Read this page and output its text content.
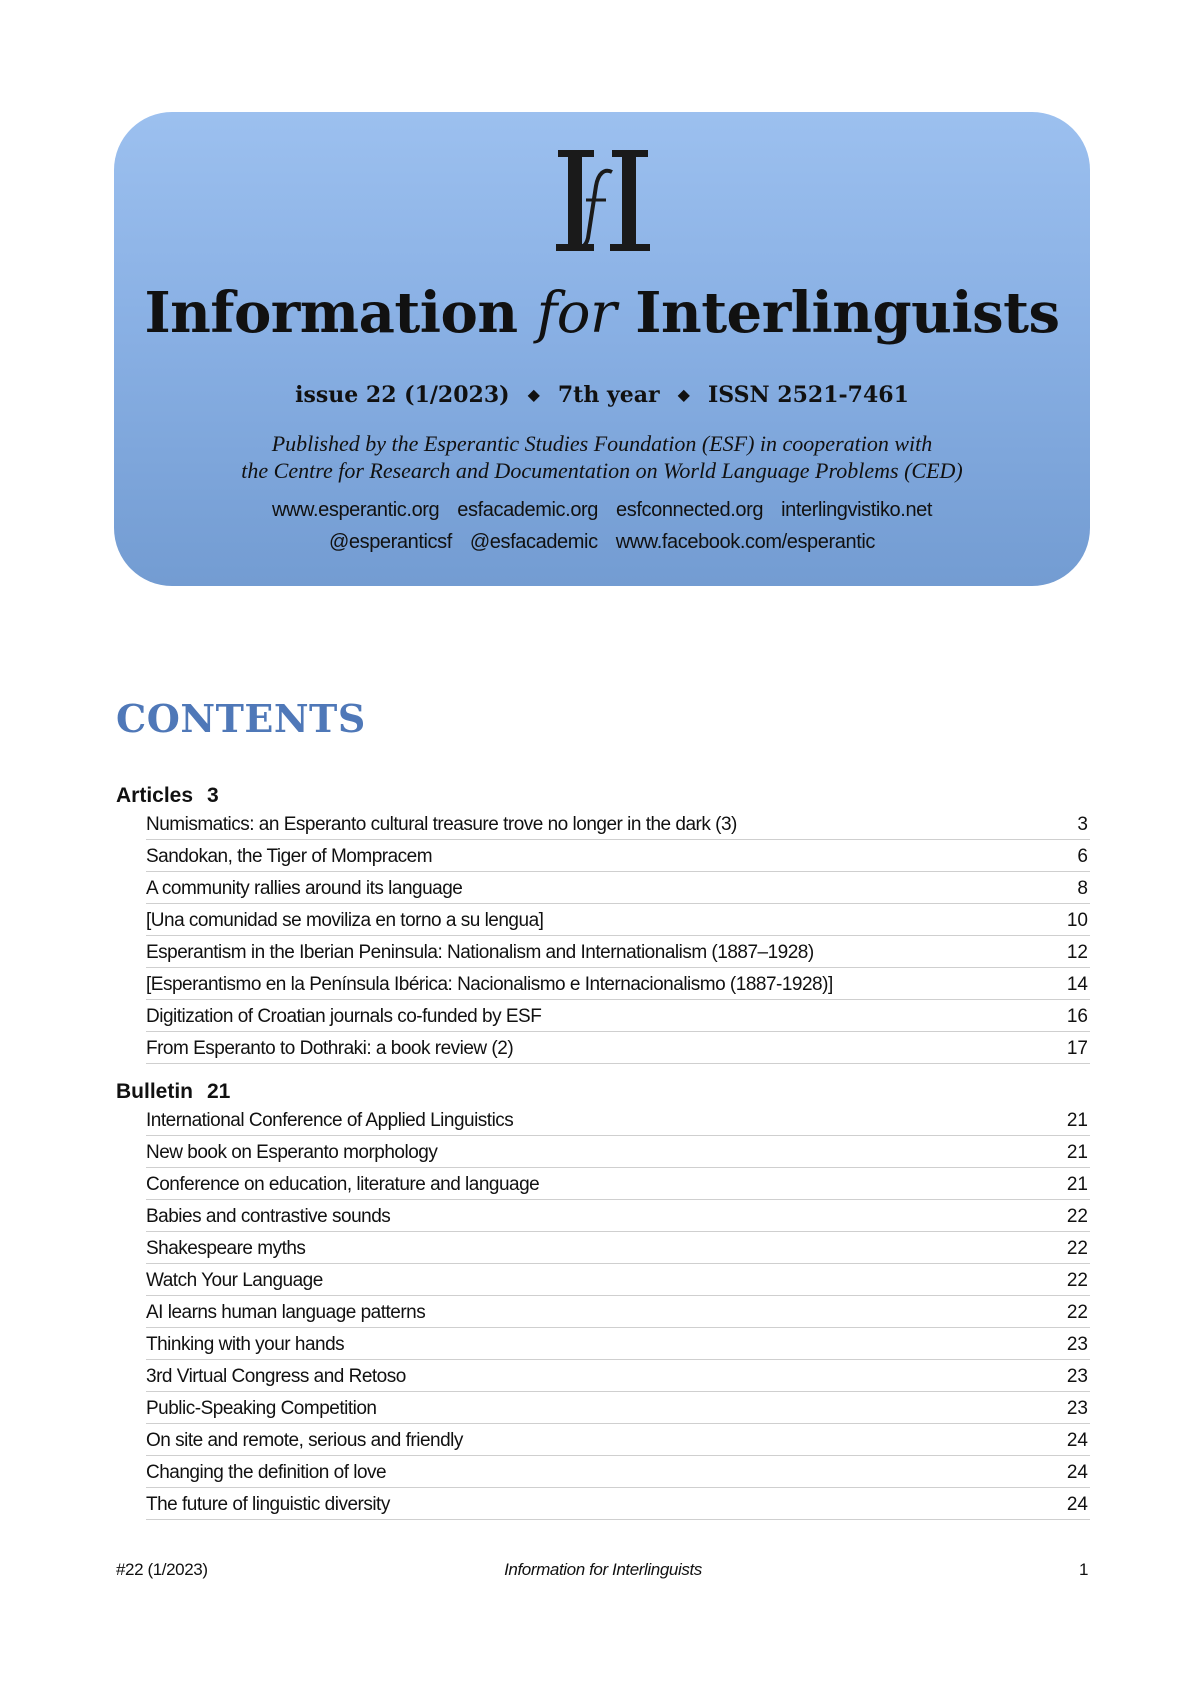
Information for Interlinguists
issue 22 (1/2023) ◆ 7th year ◆ ISSN 2521-7461
Published by the Esperantic Studies Foundation (ESF) in cooperation with
the Centre for Research and Documentation on World Language Problems (CED)
www.esperantic.org esfacademic.org esfconnected.org interlingvistiko.net
@esperanticsf @esfacademic www.facebook.com/esperantic
CONTENTS
Articles 3
Numismatics: an Esperanto cultural treasure trove no longer in the dark (3)	3
Sandokan, the Tiger of Mompracem	6
A community rallies around its language	8
[Una comunidad se moviliza en torno a su lengua]	10
Esperantism in the Iberian Peninsula: Nationalism and Internationalism (1887–1928)	12
[Esperantismo en la Península Ibérica: Nacionalismo e Internacionalismo (1887-1928)]	14
Digitization of Croatian journals co-funded by ESF	16
From Esperanto to Dothraki: a book review (2)	17
Bulletin 21
International Conference of Applied Linguistics	21
New book on Esperanto morphology	21
Conference on education, literature and language	21
Babies and contrastive sounds	22
Shakespeare myths	22
Watch Your Language	22
AI learns human language patterns	22
Thinking with your hands	23
3rd Virtual Congress and Retoso	23
Public-Speaking Competition	23
On site and remote, serious and friendly	24
Changing the definition of love	24
The future of linguistic diversity	24
#22 (1/2023)	Information for Interlinguists	1
